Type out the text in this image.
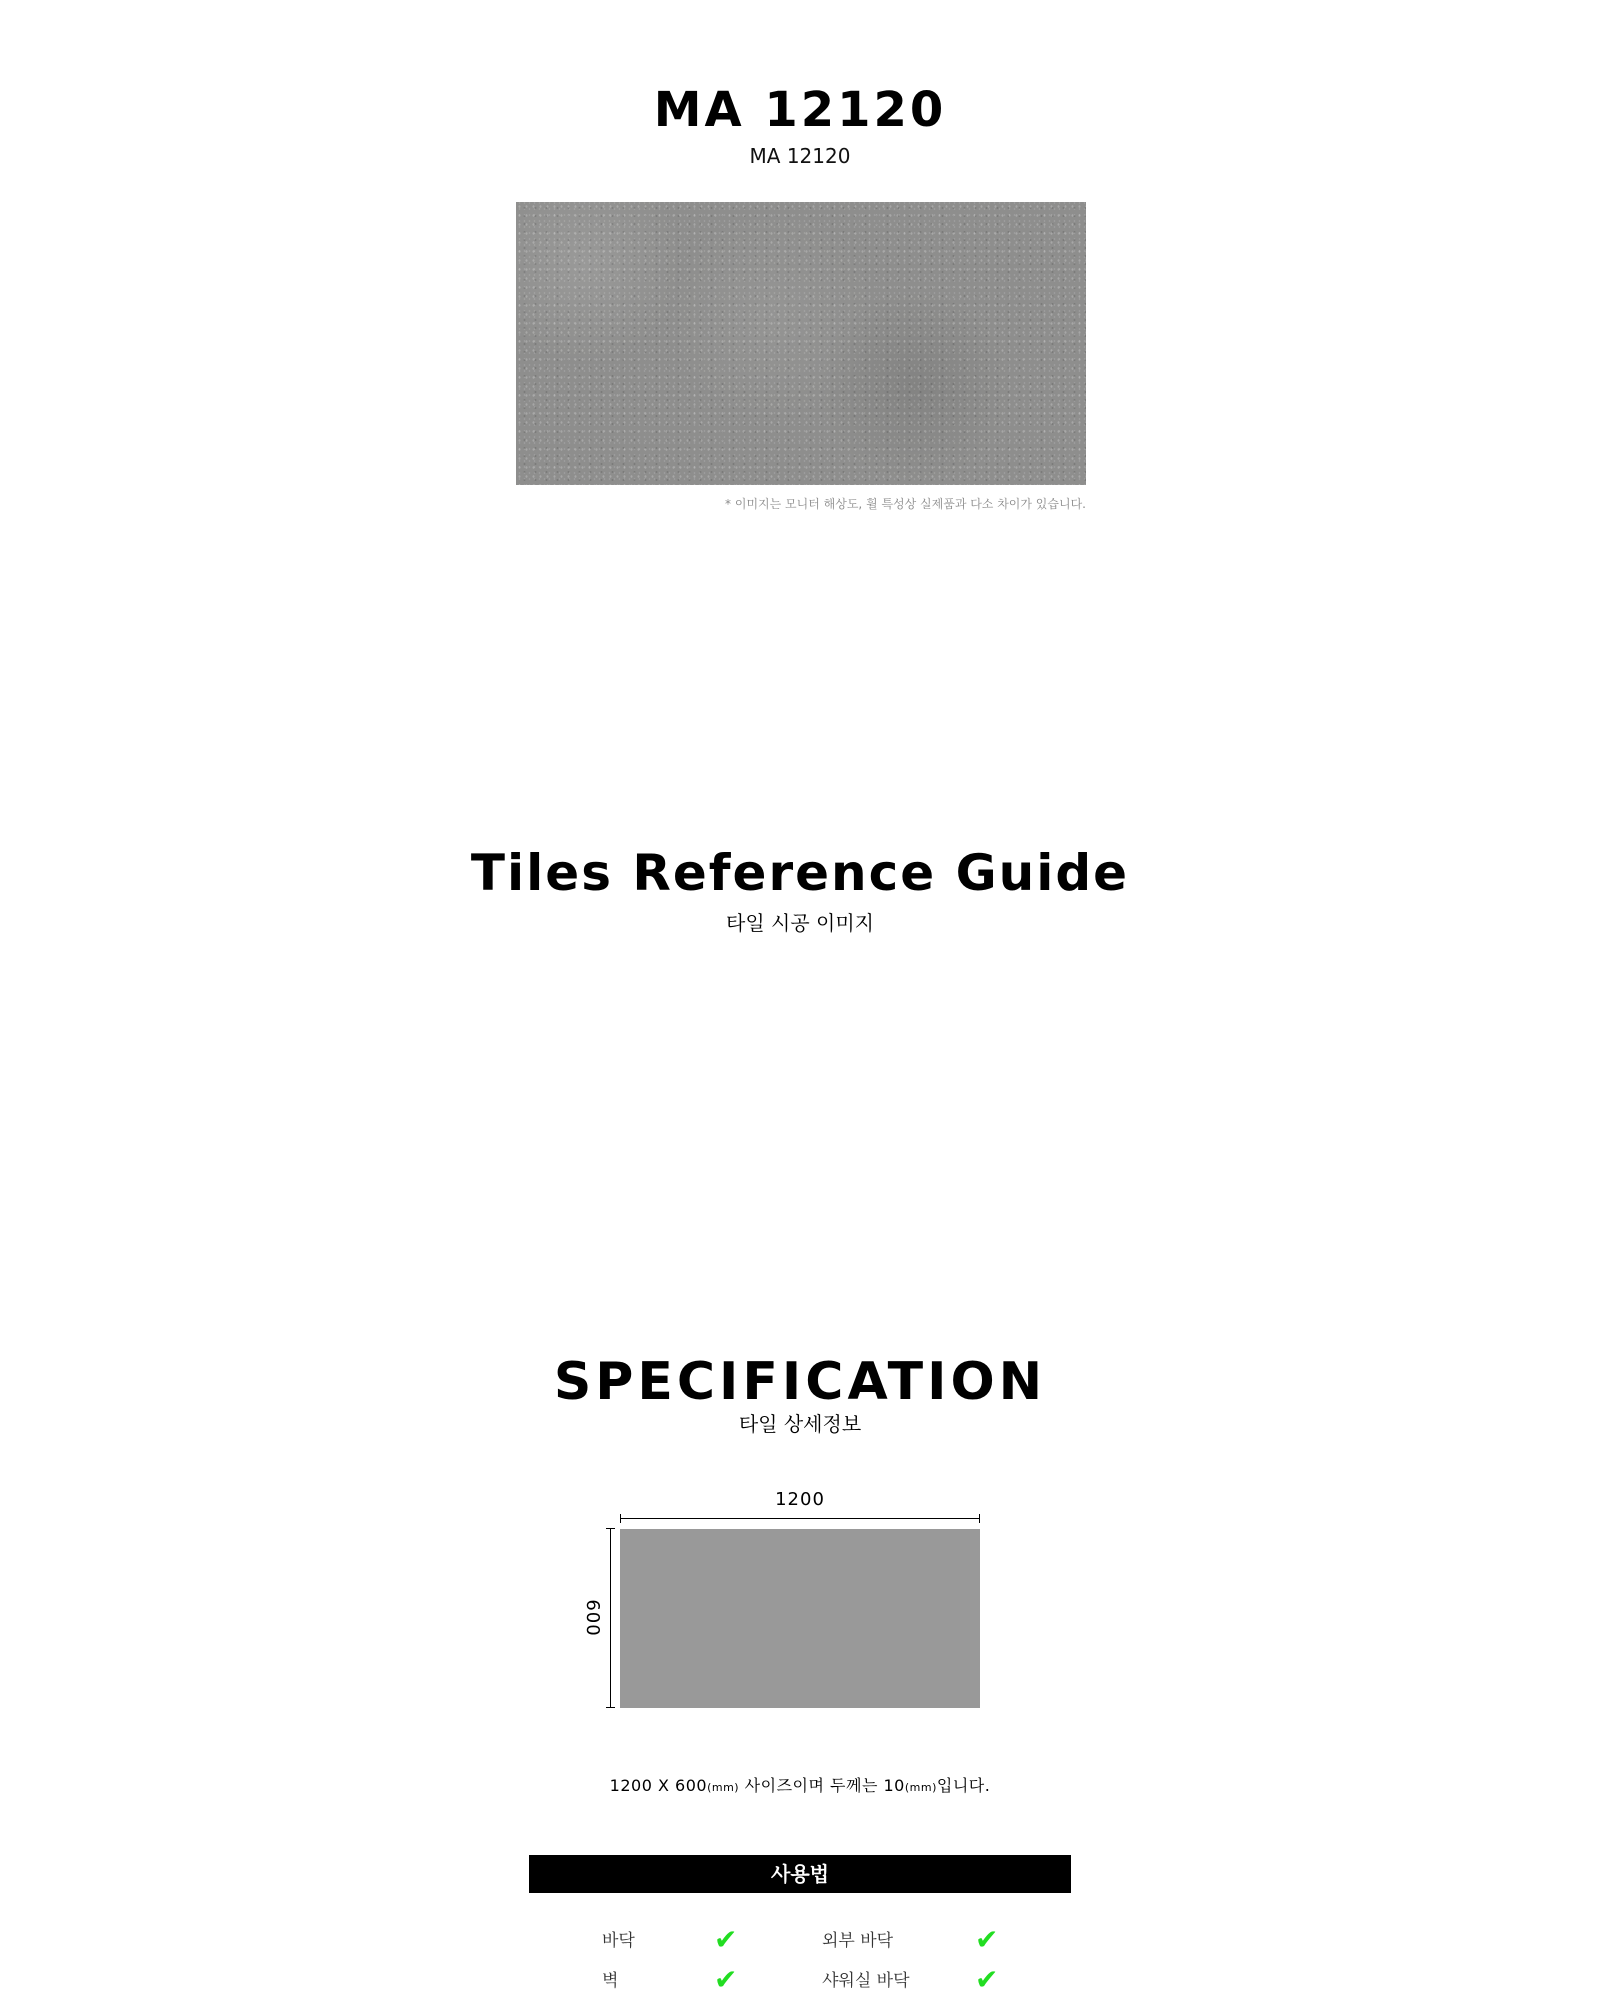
MA 12120
MA 12120
* 이미지는 모니터 해상도, 휠 특성상 실제품과 다소 차이가 있습니다.
Tiles Reference Guide
타일 시공 이미지
SPECIFICATION
타일 상세정보
1200
600
1200 X 600(mm) 사이즈이며 두께는 10(mm)입니다.
사용법
바닥	✔	외부 바닥	✔
벽	✔	샤워실 바닥 ✔
